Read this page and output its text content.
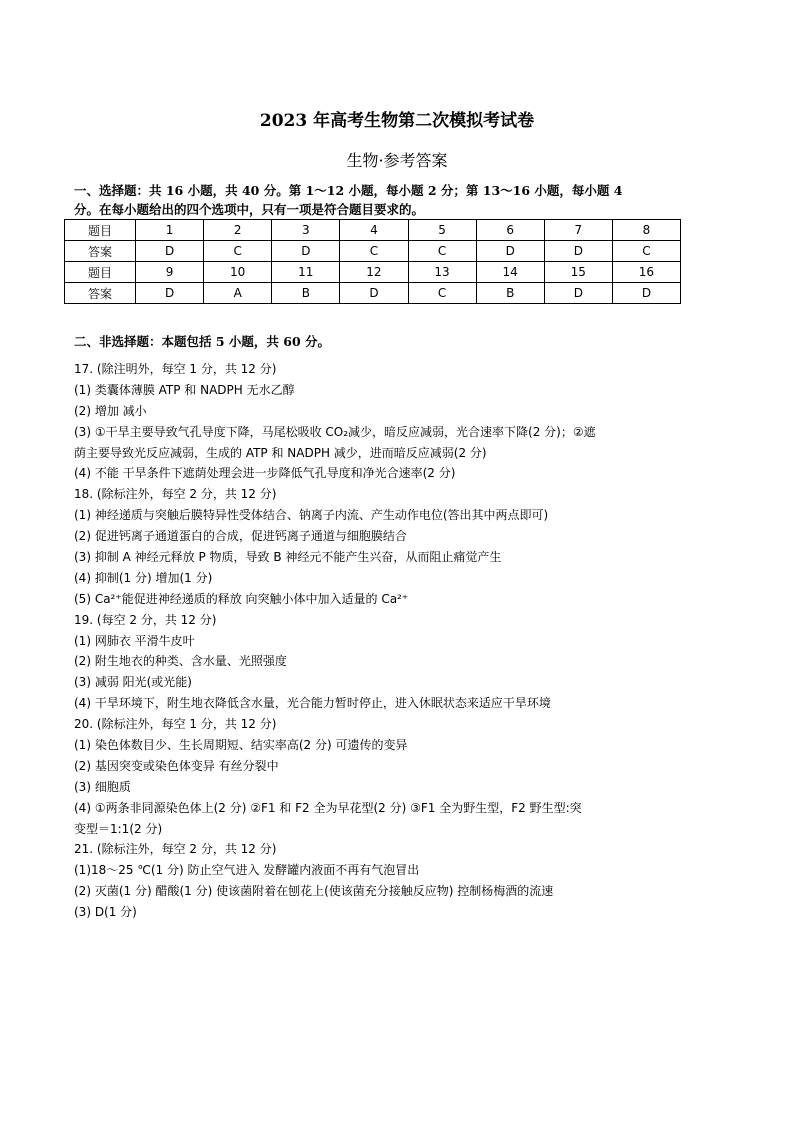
2023 年高考生物第二次模拟考试卷
生物·参考答案
一、选择题：共 16 小题，共 40 分。第 1～12 小题，每小题 2 分；第 13～16 小题，每小题 4
分。在每小题给出的四个选项中，只有一项是符合题目要求的。
题目	1	2	3	4	5	6	7	8
答案	D	C	D	C	C	D	D	C
题目	9	10	11	12	13	14	15	16
答案	D	A	B	D	C	B	D	D
二、非选择题：本题包括 5 小题，共 60 分。
17. (除注明外，每空 1 分，共 12 分)
(1) 类囊体薄膜 ATP 和 NADPH 无水乙醇
(2) 增加 减小
(3) ①干旱主要导致气孔导度下降，马尾松吸收 CO₂减少，暗反应减弱，光合速率下降(2 分)；②遮
荫主要导致光反应减弱，生成的 ATP 和 NADPH 减少，进而暗反应减弱(2 分)
(4) 不能 干旱条件下遮荫处理会进一步降低气孔导度和净光合速率(2 分)
18. (除标注外，每空 2 分，共 12 分)
(1) 神经递质与突触后膜特异性受体结合、钠离子内流、产生动作电位(答出其中两点即可)
(2) 促进钙离子通道蛋白的合成，促进钙离子通道与细胞膜结合
(3) 抑制 A 神经元释放 P 物质，导致 B 神经元不能产生兴奋，从而阻止痛觉产生
(4) 抑制(1 分) 增加(1 分)
(5) Ca²⁺能促进神经递质的释放 向突触小体中加入适量的 Ca²⁺
19. (每空 2 分，共 12 分)
(1) 网肺衣 平滑牛皮叶
(2) 附生地衣的种类、含水量、光照强度
(3) 减弱 阳光(或光能)
(4) 干旱环境下，附生地衣降低含水量，光合能力暂时停止，进入休眠状态来适应干旱环境
20. (除标注外，每空 1 分，共 12 分)
(1) 染色体数目少、生长周期短、结实率高(2 分) 可遗传的变异
(2) 基因突变或染色体变异 有丝分裂中
(3) 细胞质
(4) ①两条非同源染色体上(2 分) ②F1 和 F2 全为早花型(2 分) ③F1 全为野生型，F2 野生型:突
变型＝1:1(2 分)
21. (除标注外，每空 2 分，共 12 分)
(1)18～25 ℃(1 分) 防止空气进入 发酵罐内液面不再有气泡冒出
(2) 灭菌(1 分) 醋酸(1 分) 使该菌附着在刨花上(使该菌充分接触反应物) 控制杨梅酒的流速
(3) D(1 分)
